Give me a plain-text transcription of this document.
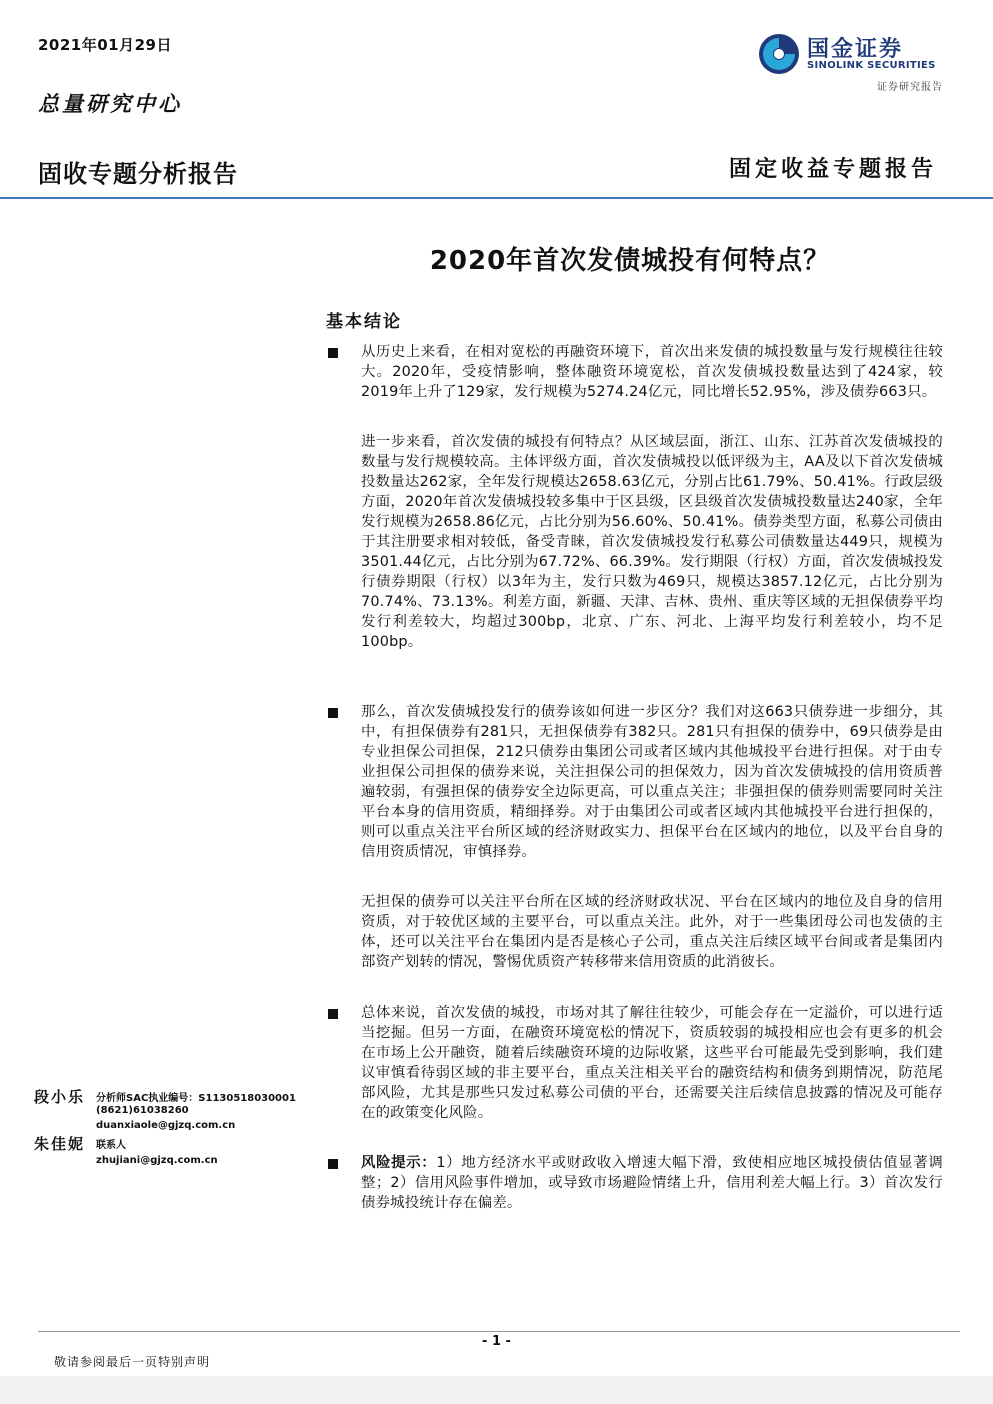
2021年01月29日
总量研究中心
国金证券
SINOLINK SECURITIES
证券研究报告
固收专题分析报告	固定收益专题报告
2020年首次发债城投有何特点？
基本结论
从历史上来看，在相对宽松的再融资环境下，首次出来发债的城投数量与发行规模往往较大。2020年，受疫情影响，整体融资环境宽松，首次发债城投数量达到了424家，较2019年上升了129家，发行规模为5274.24亿元，同比增长52.95%，涉及债券663只。
进一步来看，首次发债的城投有何特点？从区域层面，浙江、山东、江苏首次发债城投的数量与发行规模较高。主体评级方面，首次发债城投以低评级为主，AA及以下首次发债城投数量达262家，全年发行规模达2658.63亿元，分别占比61.79%、50.41%。行政层级方面，2020年首次发债城投较多集中于区县级，区县级首次发债城投数量达240家，全年发行规模为2658.86亿元，占比分别为56.60%、50.41%。债券类型方面，私募公司债由于其注册要求相对较低，备受青睐，首次发债城投发行私募公司债数量达449只，规模为3501.44亿元，占比分别为67.72%、66.39%。发行期限（行权）方面，首次发债城投发行债券期限（行权）以3年为主，发行只数为469只，规模达3857.12亿元，占比分别为70.74%、73.13%。利差方面，新疆、天津、吉林、贵州、重庆等区域的无担保债券平均发行利差较大，均超过300bp，北京、广东、河北、上海平均发行利差较小，均不足100bp。
那么，首次发债城投发行的债券该如何进一步区分？我们对这663只债券进一步细分，其中，有担保债券有281只，无担保债券有382只。281只有担保的债券中，69只债券是由专业担保公司担保，212只债券由集团公司或者区域内其他城投平台进行担保。对于由专业担保公司担保的债券来说，关注担保公司的担保效力，因为首次发债城投的信用资质普遍较弱，有强担保的债券安全边际更高，可以重点关注；非强担保的债券则需要同时关注平台本身的信用资质，精细择券。对于由集团公司或者区域内其他城投平台进行担保的，则可以重点关注平台所区域的经济财政实力、担保平台在区域内的地位，以及平台自身的信用资质情况，审慎择券。
无担保的债券可以关注平台所在区域的经济财政状况、平台在区域内的地位及自身的信用资质，对于较优区域的主要平台，可以重点关注。此外，对于一些集团母公司也发债的主体，还可以关注平台在集团内是否是核心子公司，重点关注后续区域平台间或者是集团内部资产划转的情况，警惕优质资产转移带来信用资质的此消彼长。
总体来说，首次发债的城投，市场对其了解往往较少，可能会存在一定溢价，可以进行适当挖掘。但另一方面，在融资环境宽松的情况下，资质较弱的城投相应也会有更多的机会在市场上公开融资，随着后续融资环境的边际收紧，这些平台可能最先受到影响，我们建议审慎看待弱区域的非主要平台，重点关注相关平台的融资结构和债务到期情况，防范尾部风险，尤其是那些只发过私募公司债的平台，还需要关注后续信息披露的情况及可能存在的政策变化风险。
风险提示：1）地方经济水平或财政收入增速大幅下滑，致使相应地区城投债估值显著调整；2）信用风险事件增加，或导致市场避险情绪上升，信用利差大幅上行。3）首次发行债券城投统计存在偏差。
段小乐 分析师SAC执业编号：S1130518030001
(8621)61038260
duanxiaole@gjzq.com.cn
朱佳妮 联系人
zhujiani@gjzq.com.cn
- 1 -
敬请参阅最后一页特别声明
